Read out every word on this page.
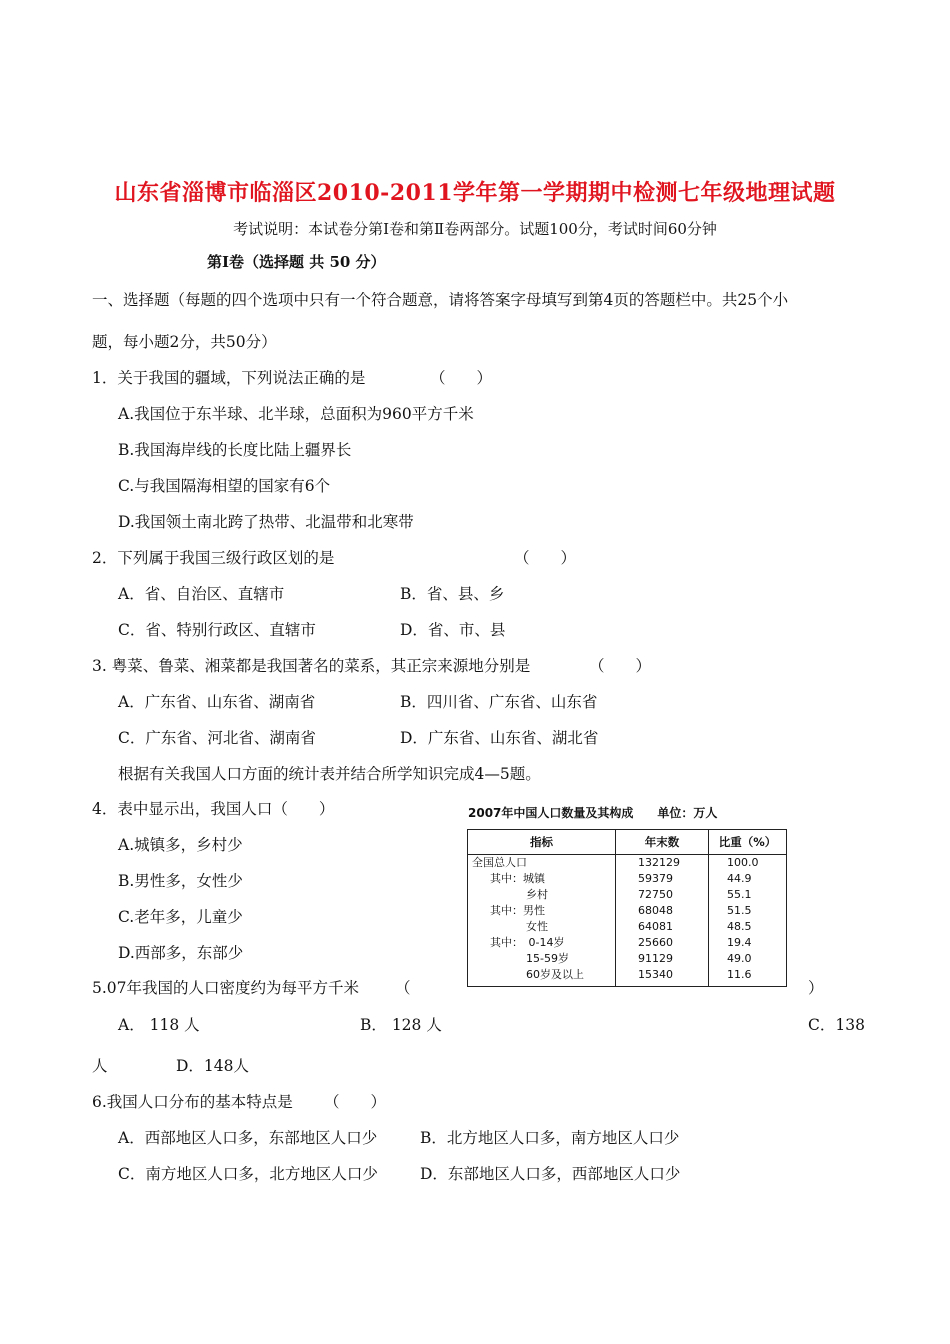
山东省淄博市临淄区2010-2011学年第一学期期中检测七年级地理试题
考试说明：本试卷分第Ⅰ卷和第Ⅱ卷两部分。试题100分，考试时间60分钟
第Ⅰ卷（选择题 共 50 分）
一、选择题（每题的四个选项中只有一个符合题意，请将答案字母填写到第4页的答题栏中。共25个小
题，每小题2分，共50分）
1．关于我国的疆域，下列说法正确的是	（　　）
A.我国位于东半球、北半球，总面积为960平方千米
B.我国海岸线的长度比陆上疆界长
C.与我国隔海相望的国家有6个
D.我国领土南北跨了热带、北温带和北寒带
2．下列属于我国三级行政区划的是	（　　）
A．省、自治区、直辖市	B．省、县、乡
C．省、特别行政区、直辖市	D．省、市、县
3. 粤菜、鲁菜、湘菜都是我国著名的菜系，其正宗来源地分别是	（　　）
A．广东省、山东省、湖南省	B．四川省、广东省、山东省
C．广东省、河北省、湖南省	D．广东省、山东省、湖北省
根据有关我国人口方面的统计表并结合所学知识完成4—5题。
4．表中显示出，我国人口（　　）
A.城镇多，乡村少
B.男性多，女性少
C.老年多，儿童少
D.西部多，东部少
2007年中国人口数量及其构成　　单位：万人
指标	年末数	比重（%）
全国总人口	132129	100.0
其中：城镇	59379	44.9
乡村	72750	55.1
其中：男性	68048	51.5
女性	64081	48.5
其中：　0-14岁	25660	19.4
15-59岁	91129	49.0
60岁及以上	15340	11.6
5.07年我国的人口密度约为每平方千米 （	）
A． 118 人	B． 128 人	C．138
人	D．148人
6.我国人口分布的基本特点是 （　　）
A．西部地区人口多，东部地区人口少	B．北方地区人口多，南方地区人口少
C．南方地区人口多，北方地区人口少	D．东部地区人口多，西部地区人口少
